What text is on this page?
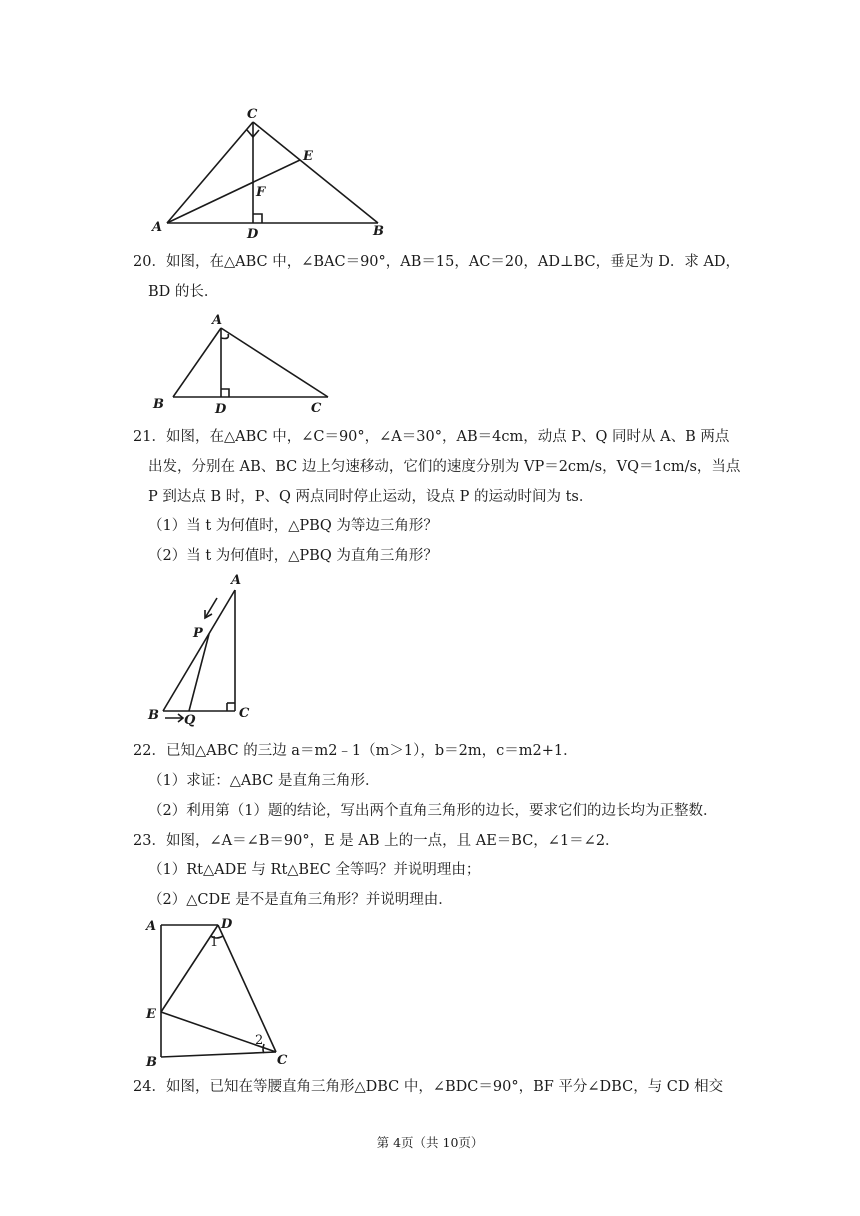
C
E
F
A	D	B
20．如图，在△ABC 中，∠BAC＝90°，AB＝15，AC＝20，AD⊥BC，垂足为 D．求 AD，
BD 的长．
A
B	D	C
21．如图，在△ABC 中，∠C＝90°，∠A＝30°，AB＝4cm，动点 P、Q 同时从 A、B 两点
出发，分别在 AB、BC 边上匀速移动，它们的速度分别为 VP＝2cm/s，VQ＝1cm/s，当点
P 到达点 B 时，P、Q 两点同时停止运动，设点 P 的运动时间为 ts．
（1）当 t 为何值时，△PBQ 为等边三角形？
（2）当 t 为何值时，△PBQ 为直角三角形？
A
P
B Q	C
22．已知△ABC 的三边 a＝m2﹣1（m＞1），b＝2m，c＝m2+1．
（1）求证：△ABC 是直角三角形．
（2）利用第（1）题的结论，写出两个直角三角形的边长，要求它们的边长均为正整数．
23．如图，∠A＝∠B＝90°，E 是 AB 上的一点，且 AE＝BC，∠1＝∠2．
（1）Rt△ADE 与 Rt△BEC 全等吗？并说明理由；
（2）△CDE 是不是直角三角形？并说明理由．
A	D
1
E
2
B	C
24．如图，已知在等腰直角三角形△DBC 中，∠BDC＝90°，BF 平分∠DBC，与 CD 相交
第 4页（共 10页）
